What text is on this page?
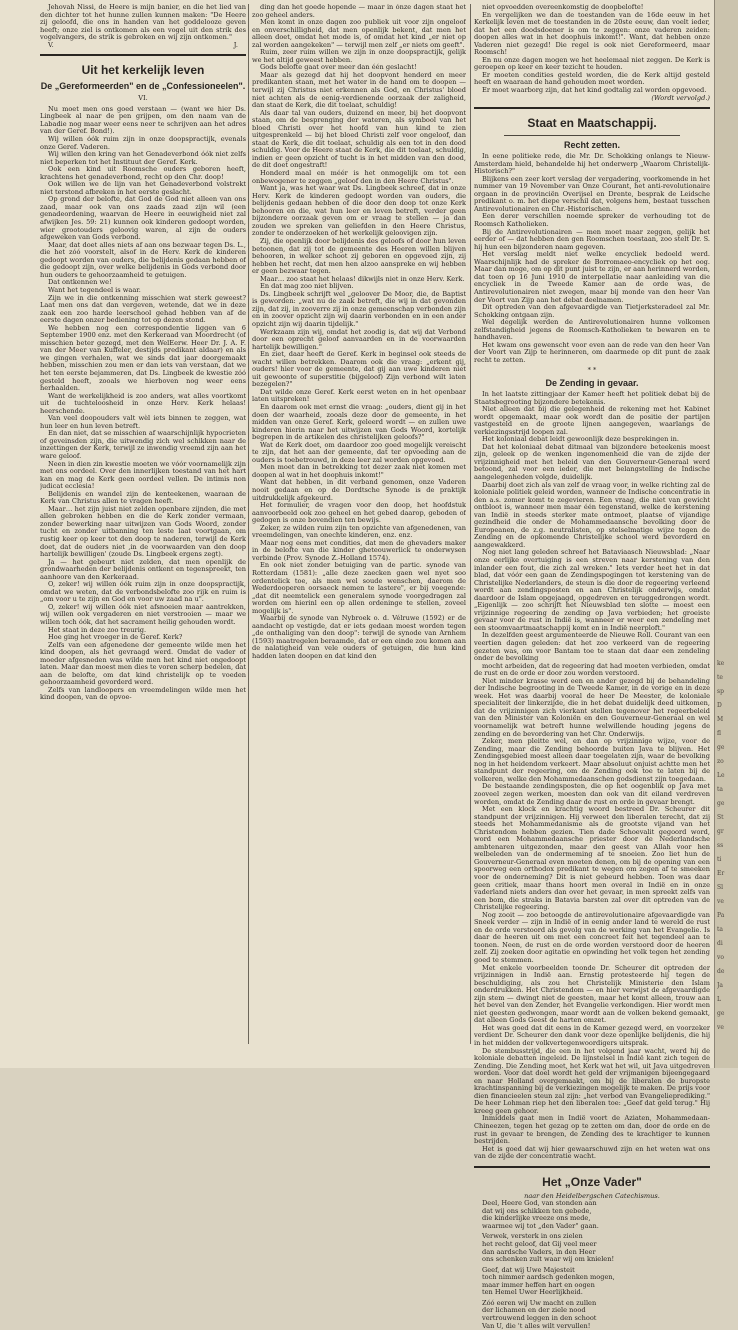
Jehovah Nissi, de Heere is mijn banier, en die het lied van den dichter tot het hunne zullen kunnen maken: "De Heere zij geloofd, die ons in handen van het goddelooze geven heeft; onze ziel is ontkomen als een vogel uit den strik des vogelvangers, de strik is gebroken en wij zijn ontkomen."

V.	J.
Uit het kerkelijk leven
De „Gereformeerden" en de „Confessioneelen".
VI.

Nu moet men ons goed verstaan — (want we hier Ds. Lingbeek al naar de pen grijpen, om den naam van de Labadie nog maar weer eens neer te schrijven aan het adres van der Geref. Bond!).

Wij willen óók ruim zijn in onze doopspractijk, evenals onze Geref. Vaderen.

Wij willen den kring van het Genadeverbond óók niet zelfs niet beperken tot het Instituut der Geref. Kerk.

Ook een kind uit Roomsche ouders geboren heeft, krachtens het genadeverbond, recht op den Chr. doop!

Ook willen we de lijn van het Genadeverbond volstrekt niet terstond afbreken in het eerste geslacht.

Op grond der belofte, dat God de God niet alleen van ons zaad, maar ook van ons zaads zaad zijn wil (een genadeordening, waarvan de Heere in eeuwigheid niet zal afwijken Jes. 59: 21) kunnen ook kinderen gedoopt worden, wier grootouders geloovig waren, al zijn de ouders afgeweken van Gods verbond.

Maar, dat doet alles niets af aan ons bezwaar tegen Ds. L., die het zóó voorstelt, alsof in de Herv. Kerk de kinderen gedoopt worden van ouders, die belijdenis gedaan hebben of die gedoopt zijn, over welke belijdenis in Gods verbond door hun ouders te gehoorzaamheid te getuigen.

Dat ontkennen we!

Want het tegendeel is waar.

Zijn we in die ontkenning misschien wat sterk geweest? Laat men ons dat dan vergeven, wetende, dat we in deze zaak een zoo harde leerschool gehad hebben van af de eerste dagen onzer bediening tot op dezen stond.

We hebben nog een correspondentie liggen van 6 September 1900 enz. met den Kerkeraad van Moordrecht (of misschien beter gezegd, met den WelEerw. Heer Dr. J. A. F. van der Meer van Kuffeler, destijds predikant aldaar) en als we gingen verhalen, wat we sinds dat jaar doorgemaakt hebben, misschien zou men er dan iets van verstaan, dat we het ten eerste bejammeren, dat Ds. Lingbeek de kwestie zóó gesteld heeft, zooals we hierboven nog weer eens herhaalden.

Want de werkelijkheid is zoo anders, wat alles voortkomt uit de tuchteloosheid in onze Herv. Kerk helaas! heerschende.

Van veel doopouders valt wèl iets binnen te zeggen, wat hun leer en hun leven betreft.

En dan niet, dat se misschien af waarschijnlijk hypocrieten of geveinsden zijn, die uitwendig zich wel schikken naar de inzettingen der Kerk, terwijl ze inwendig vreemd zijn aan het ware geloof.

Neen in dien zin kwestie moeten we vóór voornamelijk zijn met ons oordeel. Over den innerlijken toestand van het hart kan en mag de Kerk geen oordeel vellen. De intimis non judicat ecclesia!

Belijdenis en wandel zijn de kenteekenen, waaraan de Kerk van Christus allen te vragen heeft.

Maar… het zijn juist niet zelden openbare zijnden, die met allen gebroken hebben en die de Kerk zonder vermaan, zonder bewerking naar uitwijzen van Gods Woord, zonder tucht en zonder uitbanning ten leste laat voortgaan, om rustig keer op keer tot den doop te naderen, terwijl de Kerk doet, dat de ouders niet ‚in de voorwaarden van den doop hartelijk bewilligen' (zoude Ds. Lingbeek ergens zegt).

Ja — het gebeurt niet zelden, dat men openlijk de grondwaarheden der belijdenis ontkent en tegenspreekt, ten aanhoore van den Kerkeraad.

O, zeker! wij willen óók ruim zijn in onze doopspractijk, omdat we weten, dat de verbondsbelofte zoo rijk en ruim is „om voor u te zijn en God en voor uw zaad na u".

O, zeker! wij willen óók niet afsnoeien maar aantrekken, wij willen ook vergaderen en niet verstrooien — maar we willen toch óók, dat het sacrament heilig gehouden wordt.

Het staat in deze zoo treurig.

Hoe ging het vroeger in de Geref. Kerk?

Zelfs van een afgenedene der gemeente wilde men het kind doopen, als het gevraagd werd. Omdat de vader of moeder afgesneden was wilde men het kind niet ongedoopt laten. Maar dan moest men dies te voren scherp bedelen, dat aan de belofte, om dat kind christelijk op te voeden gehoorzaamheid gevorderd werd.

Zelfs van landloopers en vreemdelingen wilde men het kind doopen, van de opvoe-

ding dan het goede hopende — maar in ónze dagen staat het zoo geheel anders.

Men komt in onze dagen zoo publiek uit voor zijn ongeloof en onverschilligheid, dat men openlijk bekent, dat men het alleen doet, omdat het mode is, of omdat het kind „er niet op zal worden aangekeken" — terwijl men zelf „er niets om geeft".

Ruim, zeer ruim willen we zijn in onze doopspractijk, gelijk we het altijd geweest hebben.

Gods belofte gaat over meer dan één geslacht!

Maar als gezegd dat hij het doopvont henderd en meer predikanten staan, met het water in de hand om te doopen — terwijl zij Christus niet erkennen als God, en Christus' bloed niet achten als de eenig-verdienende oorzaak der zaligheid, dan staat de Kerk, die dit toelaat, schuldig!

Als daar tal van ouders, duizend en meer, bij het doopvont staan, om de besprenging der wateren, als symbool van het bloed Christi over het hoofd van hun kind te zien uitgesprenkeld — bij het bloed Christi zelf voor ongeloof, dan staat de Kerk, die dit toelaat, schuldig als een tot in den dood schuldig. Voor de Heere staat de Kerk, die dit toelaat, schuldig, indien er geen opzicht of tucht is in het midden van den dood, de dit doet ongestraft!

Honderd maal en méér is het onmogelijk om tot een onbewogener te zeggen „geloof den in den Heere Christus".

Want ja, was het waar wat Ds. Lingbeek schreef, dat in onze Herv. Kerk de kinderen gedoopt worden van ouders, die belijdenis gedaan hebben of die door den doop tot onze Kerk behooren en die, wat hun leer en leven betreft, verder geen bijzondere oorzaak geven om er vraag te stellen — ja dan zouden we spreken van geliefden in den Heere Christus, zonder te onderzoeken of het werkelijk geloovigen zijn.

Zij, die openlijk door belijdenis des geloofs of door hun leven betoonen, dat zij tot de gemeente des Heeren willen blijven behooren, in welker schoot zij geboren en opgevoed zijn, zij hebben het recht, dat men hen alzoo aanspreke en wij hebben er geen bezwaar tegen.

Maar… zoo staat het helaas! dikwijls niet in onze Herv. Kerk.

En dat mag zoo niet blijven.

Ds. Lingbeek schrijft wel „geloover De Moor, die, de Baptist is geworden: „wat nu de zaak betreft, die wij in dat gevonden zijn, dat zij, in zooverre zij in onze gemeenschap verbonden zijn en in zoover opzicht zijn wij daarin verbonden en in een ander opzicht zijn wij daarin tijdelijk."

Werkzaam zijn wij, omdat het zoodig is, dat wij dat Verbond door een oprecht geloof aanvaarden en in de voorwaarden hartelijk bewilligen."

En ziet, daar heeft de Geref. Kerk in beginsel ook steeds de wacht willen betrekken. Daarom ook die vraag: „erkent gij, ouders! hier voor de gemeente, dat gij aan uwe kinderen niet uit gewoonte of superstitie (bijgeloof) Zijn verbond wilt laten bezegelen?"

Dat wilde onze Geref. Kerk eerst weten en in het openbaar laten uitspreken!

En daarom ook met ernst die vraag: „ouders, dient gij in het doen der waarheid, zooals deze door de gemeente, in het midden van onze Geref. Kerk, geleerd wordt — en zullen uwe kinderen hierin naar het uitwijzen van Gods Woord, kortelijk begrepen in de artikelen des christelijken geloofs?"

Wat de Kerk doet, om daardoor zoo goed mogelijk vereischt te zijn, dat het aan der gemeente, dat ter opvoeding aan de ouders is toebetrouwd, in deze leer zal worden opgevoed.

Men moet dan in betrekking tot dezer zaak niet komen met doopen al wat in het doophuis inkomt!"

Want dat hebben, in dit verband genomen, onze Vaderen nooit gedaan en op de Dordtsche Synode is de praktijk uitdrukkelijk afgekeurd.

Het formulier, de vragen voor den doop, het hoofdstuk aanvoorbeeld ook zoo geheel en het gebed daarop, geboden of gedogen is onze bovendien ten bewijs.

Zeker, ze wilden ruim zijn ten opzichte van afgenedenen, van vreemdelingen, van onechte kinderen, enz. enz.

Maar nog eens met condities, dat men de ghevaders maker in de belofte van die kinder gheteouwerlick te onderwysen verbinde (Prov. Synode Z.-Holland 1574).

En ook niet zonder betuiging van de partic. synode van Rotterdam (1581): „alle deze zaecken gaen wel nyet soo ordentelick toe, als men wel soude wenschen, daerom de Wederdooperen oorsaeck nemen te lastere", er bij voegende: „dat dit neemtelick een generalem synode voorgedragen zal worden om hierinl een op allen ordeninge te stellen, zoveel mogelijk is".

Waarbij de synode van Nybroek o. d. Vélruwe (1592) er de aandacht op vestigde, dat er iets gedaan moest worden tegen „de onthaliging van den doop": terwijl de synode van Arnhem (1593) maatregelen beraamde, dat er een einde zou komen aan de nalatigheid van vele ouders of getuigen, die hun kind hadden laten doopen en dat kind den

niet opvoedden overeenkomstig de doopbelofte!

En vergelijken we dan de toestanden van de 16de eeuw in het Kerkelijk leven met de toestanden in de 20ste eeuw, dan voelt ieder, dat het een doodsdoener is om te zeggen: onze vaderen zeiden: doopen alles wat in het doophuis inkomt!". Want, dat hebben onze Vaderen niet gezegd! Die regel is ook niet Gereformeerd, maar Roomsch!

En nu onze dagen mogen we het heelemaal niet zeggen. De Kerk is geroepen op keer en keer tezicht te houden.

Er moeten condities gesteld worden, die de Kerk altijd gesteld heeft en waaraan de hand gehouden moet worden.

Er moet waarborg zijn, dat het kind godtalig zal worden opgevoed.

(Wordt vervolgd.)
Staat en Maatschappij.
Recht zetten.

In eene politieke rede, die Mr. Dr. Schokking onlangs te Nieuw-Amsterdam hield, behandelde hij het onderwerp „Waarom Christelijk-Historisch?"

Blijkens een zeer kort verslag der vergadering, voorkomende in het nummer van 19 November van Onze Courant, het anti-revolutionaire orgaan in de provinciën Overijsel en Drente, besprak de Leidsche predikant o. m. het diepe verschil dat, volgens hem, bestaat tusschen Antirevolutionairen en Chr.-Historischen.

Een derer verschillen noemde spreker de verhouding tot de Roomsch Katholieken.

Bij de Antirevolutionairen — men moet maar zeggen, gelijk het eerder of — dat hebben den gen Roomschen toestaan, zoo stelt Dr. S. hij hun een bijzonderen naam gegeven.

Het verslag meldt niet welke encycliek bedoeld werd. Waarschijnlijk had de spreker de Borromaeo-encycliek op het oog. Maar dan moge, om op dit punt juist te zijn, er aan herinnerd worden, dat toen op 16 Juni 1910 de interpellatie naar aanleiding van die encycliek in de Tweede Kamer aan de orde was, de Antirevolutionairen niet zwegen, maar bij monde van den heer Van der Voort van Zijp aan het debat deelnamen.

Dit optreden van den afgevaardigde van Tietjerksteradeel zal Mr. Schokking ontgaan zijn.

Wel degelijk werden de Antirevolutionairen hunne volkomen zelfstandigheid jegens de Roomsch-Katholieken te bewaren en te handhaven.

Het kwam ons gewenscht voor even aan de rede van den heer Van der Voort van Zijp te herinneren, om daarmede op dit punt de zaak recht te zetten.

* *
De Zending in gevaar.

In het laatste zittingjaar der Kamer heeft het politiek debat bij de Staatsbegrooting bijzondere betekenis.

Niet alleen dat bij die gelegenheid de rekening met het Kabinet wordt opgemaakt, maar ook wordt dan de positie der partijen vastgesteld en de groote lijnen aangegeven, waarlangs de verkiezingsstrijd loopen zal.

Het koloniaal debat leidt gewoonlijk deze besprekingen in.

Dat het koloniaal debat ditmaal van bijzondere beteekenis moest zijn, geleek op de wenken ingenomenheid die van de zijde der vrijzinnigheid met het beleid van den Gouverneur-Generaal werd betoond, zal voor een ieder, die met belangstelling de Indische aangelegenheden volgde, duidelijk.

Daarbij doet zich als van zelf de vraag voor, in welke richting zal de koloniale politiek geleid worden, wanneer de Indische concentratie in den a.s. zomer komt te zegevieren. Een vraag, die niet van gewicht ontbloot is, wanneer men maar één tegenstand, welke de kerstening van Indië in steeds sterker mate ontmoet, plaatse of vijandige gezindheid die onder de Mohammedaansche bevolking door de Europeanen, de z.g. neutralisten, op stelselmatige wijze tegen de Zending en de opkomende Christelijke school werd bevorderd en aangewakkerd.

Nog niet lang geleden schreef het Bataviaasch Nieuwsblad: „Naar onze eerlijke overtuiging is een streven naar kerstening van den inlander een fout, die zich zal wreken." Iets verder heet het in dat blad, dat vóór een gaan de Zendingspogingen tot kerstening van de Christelijke Nederlanders, de steun is die door de regeering verleend wordt aan zendingsposten en aan Christelijk onderwijs, omdat daardoor de Islam opgejaagd, opgedreven en teruggedrongen wordt. „Eigenlijk — zoo schrijft het Nieuwsblad ten slotte — moest een vrijzinnige regeering de zending op Java verbieden; het groeiste gevaar voor de rust in Indië is, wanneer er weer een zendeling met een stoomvaartmaatschappij komt en in Indië neerploft."

In dezelfden geest argumenteerde de Nieuwe Roll. Courant van een veertien dagen geleden: dat het zoo verkeerd van de regeering gezeten was, om voor Bantam toe te staan dat daar een zendeling onder de bevolking

mocht arbeiden, dat de regeering dat had moeten verbieden, omdat de rust en de orde er door zou worden verstoord.

Niet minder krasse werd een en ander gezegd bij de behandeling der Indische begrooting in de Tweede Kamer, in de vorige en in deze week. Het was daarbij vooral de heer De Meester, de koloniale specialiteit der linkerzijde, die in het debat duidelijk deed uitkomen, dat de vrijzinnigen zich vierkant stellen tegenover het regeerbeleid van den Minister van Koloniën en den Gouverneur-Generaal en wel voornamelijk wat betreft hunne welwillende houding jegens de zending en de bevordering van het Chr. Onderwijs.

Zeker, men pleitte wel, en dan op vrijzinnige wijze, voor de Zending, maar die Zending behoorde buiten Java te blijven. Het Zendingsgebied moest alleen daar toegelaten zijn, waar de bevolking nog in het heidendom verkeert. Maar absoluut onjuist achtte men het standpunt der regeering, om de Zending ook toe te laten bij de volkeren, welke den Mohammedaanschen godsdienst zijn toegedaan.

De bestaande zendingsposten, die op het oogenblik op Java met zooveel zegen werken, moesten dan ook van dit eiland verdreven worden, omdat de Zending daar de rust en orde in gevaar brengt.

Met een klock en krachtig woord bestreed Dr. Scheurer dit standpunt der vrijzinnigen. Hij verweet den liberalen terecht, dat zij steeds het Mohammedanisme als de grootste vijand van het Christendom hebben gezien. Tien dade Schoevalit gegoord word, word een Mohammedaansche priester door de Nederlandsche ambtenaren uitgezonden, maar den geest van Allah voor hen welbeleden van de ondermeming af te snoeien. Zoo liet hun de Gouverneur-Generaal even moeten denen, om bij de opening van een spoorweg een orthodox predikant te wegen om zegen af te smeeken voor de onderneming? Dit is niet gebeurd hebben. Toen was daar geen critiek, maar thans hoort men overal in Indië en in onze vaderland niets anders dan over het gevaar, in men spreekt zelfs van een bom, die straks in Batavia barsten zal over dit optreden van de Christelijke regeering.

Nog zooit — zoo betoogde de antirevolutionaire afgevaardigde van Sneek verder — zijn in Indië of in eenig ander land te wereld de rust en de orde verstoord als gevolg van de werking van het Evangelie. Is daar de heeren uit om met een concreet feit het tegendeel aan te toonen. Neen, de rust en de orde worden verstoord door de heeren zelf. Zij zoeken door agitatie en opwinding het volk tegen het zending goed te stemmen.

Met enkele voorbeelden toonde Dr. Scheurer dit optreden der vrijzinnigen in Indië aan. Ernstig protesteerde hij tegen de beschuldiging, als zou het Christelijk Ministerie den Islam onderdrukken. Het Christendom — en hier verwijst de afgevaardigde zijn stem — dwingt niet de geesten, maar het komt alleen, trouw aan het bevel van den Zender, het Evangelie verkondigen. Hier wordt men niet geesten gedwongen, maar wordt aan de volken bekend gemaakt, dat alleen Gods Geest de harten omzet.

Het was goed dat dit eens in de Kamer gezegd werd, en voorzeker verdient Dr. Scheurer den dank voor deze openlijke belijdenis, die hij in het midden der volkvertegenwoordigers uitsprak.

De stembusstrijd, die een in het volgend jaar wacht, werd hij de koloniale debatten ingeleid. De lijnstelsel in Indië kant zich tegen de Zending. Die Zending moet, het Kerk wat het wil, uit Java uitgedreven worden. Voor dat doel wordt het geld der vrijmanigen bijeengegaard en naar Holland overgemaakt, om bij de liberalen de buropste krachtinspanning bij de verkiezingen mogelijk te maken. De prijs voor dien financieelen steun zal zijn: „het verbod van Evangelieprediking." De heer Lohman riep het den liberalen toe: „Geef dat geld terug." Hij kreeg geen gehoor.

Inmiddels gaat men in Indië voort de Aziaten, Mohammedaan-Chineezen, tegen het gezag op te zetten om dan, door de orde en de rust in gevaar te brengen, de Zending des te krachtiger te kunnen bestrijden.

Het is goed dat wij hier gewaarschuwd zijn en het weten wat ons van de zijde der concentratie wacht.

Het „Onze Vader"
naar den Heidelbergschen Catechismus.
Deel, Heere God, van stonden aan
dat wij ons schikken ten gebede,
die kinderlijke vreeze ons mede,
waarmee wij tot „den Vader" gaan.
Verwek, versterk in ons zielen
het recht geloof, dat Gij veel meer
dan aardsche Vaders, in den Heer
ons schenken zult waar wij om knielen!
Geef, dat wij Uwe Majesteit
toch nimmer aardsch gedenken mogen,
maar immer heffen hart en oogen
ten Hemel Uwer Heerlijkheid.
Zóó eeren wij Uw macht en zullen
der lichamen en der ziele nood
vertrouwend leggen in den schoot
Van U, die 't alles wilt vervullen!
ke
te
sp
D
M
fl
ge
zo
Le
ta
ge
St
gr
ss
ti
Er
Sl
ve
Pa
ta
di
vo
de
Ja
L
ge
ve
